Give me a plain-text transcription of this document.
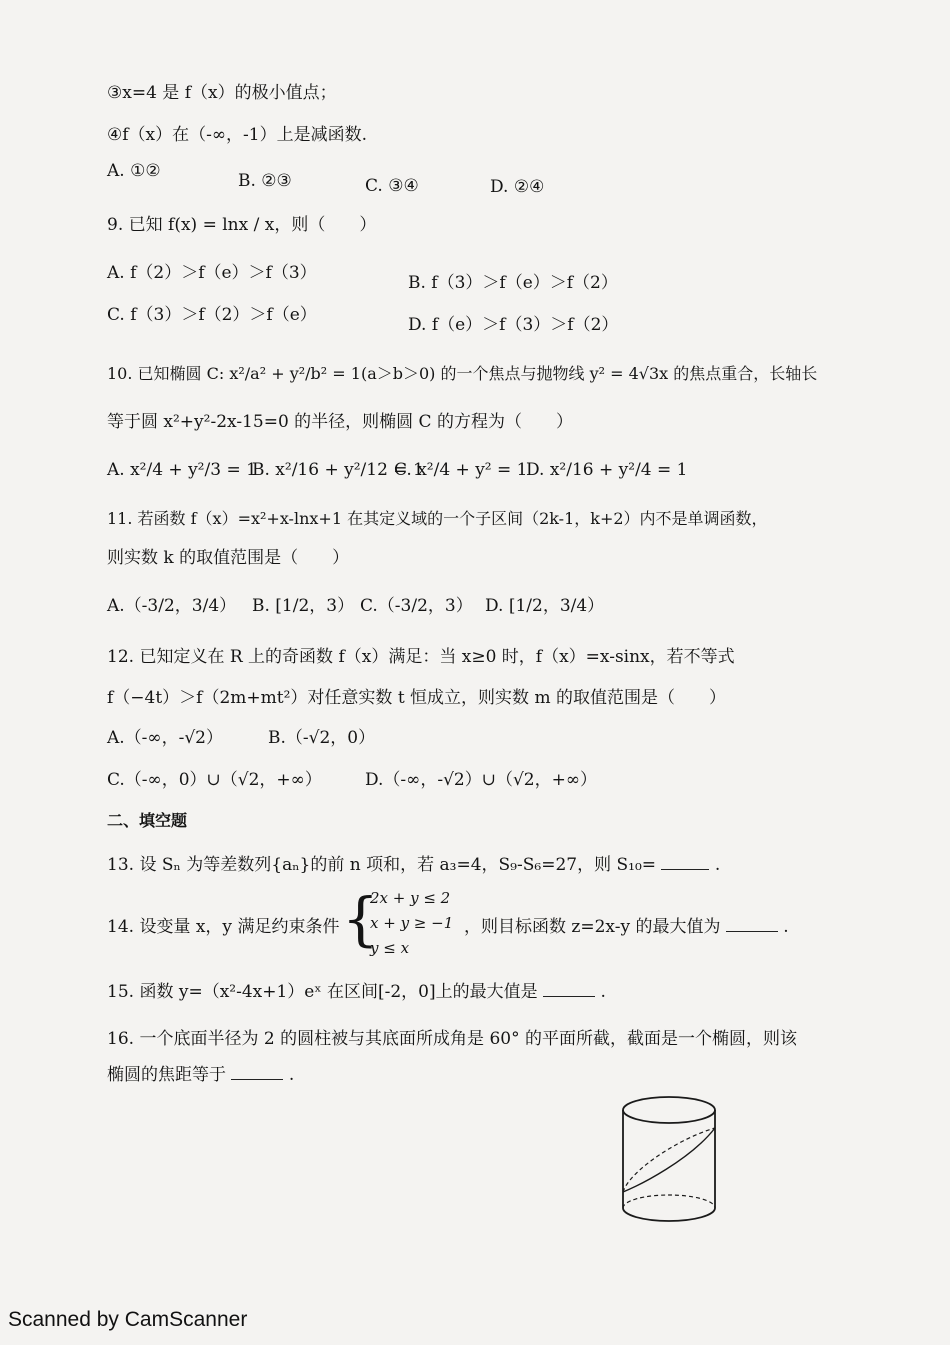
③x=4 是 f（x）的极小值点；
④f（x）在（-∞，-1）上是减函数.
A. ①②	B. ②③	C. ③④	D. ②④
9. 已知 f(x) = lnx / x，则（　　）
A. f（2）＞f（e）＞f（3）	B. f（3）＞f（e）＞f（2）
C. f（3）＞f（2）＞f（e）	D. f（e）＞f（3）＞f（2）
10. 已知椭圆 C: x²/a² + y²/b² = 1(a＞b＞0) 的一个焦点与抛物线 y² = 4√3x 的焦点重合，长轴长
等于圆 x²+y²-2x-15=0 的半径，则椭圆 C 的方程为（　　）
A. x²/4 + y²/3 = 1
B. x²/16 + y²/12 = 1
C. x²/4 + y² = 1
D. x²/16 + y²/4 = 1
11. 若函数 f（x）=x²+x-lnx+1 在其定义域的一个子区间（2k-1，k+2）内不是单调函数，
则实数 k 的取值范围是（　　）
A.（-3/2，3/4） B. [1/2，3） C.（-3/2，3） D. [1/2，3/4）
12. 已知定义在 R 上的奇函数 f（x）满足：当 x≥0 时，f（x）=x-sinx，若不等式
f（−4t）＞f（2m+mt²）对任意实数 t 恒成立，则实数 m 的取值范围是（　　）
A.（-∞，-√2）	B.（-√2，0）
C.（-∞，0）∪（√2，+∞）	D.（-∞，-√2）∪（√2，+∞）
二、填空题
13. 设 Sₙ 为等差数列{aₙ}的前 n 项和，若 a₃=4，S₉-S₆=27，则 S₁₀=	.
14. 设变量 x，y 满足约束条件 {
2x + y ≤ 2
x + y ≥ −1
y ≤ x
，则目标函数 z=2x-y 的最大值为	.
15. 函数 y=（x²-4x+1）eˣ 在区间[-2，0]上的最大值是	.
16. 一个底面半径为 2 的圆柱被与其底面所成角是 60° 的平面所截，截面是一个椭圆，则该
椭圆的焦距等于	.
Scanned by CamScanner
